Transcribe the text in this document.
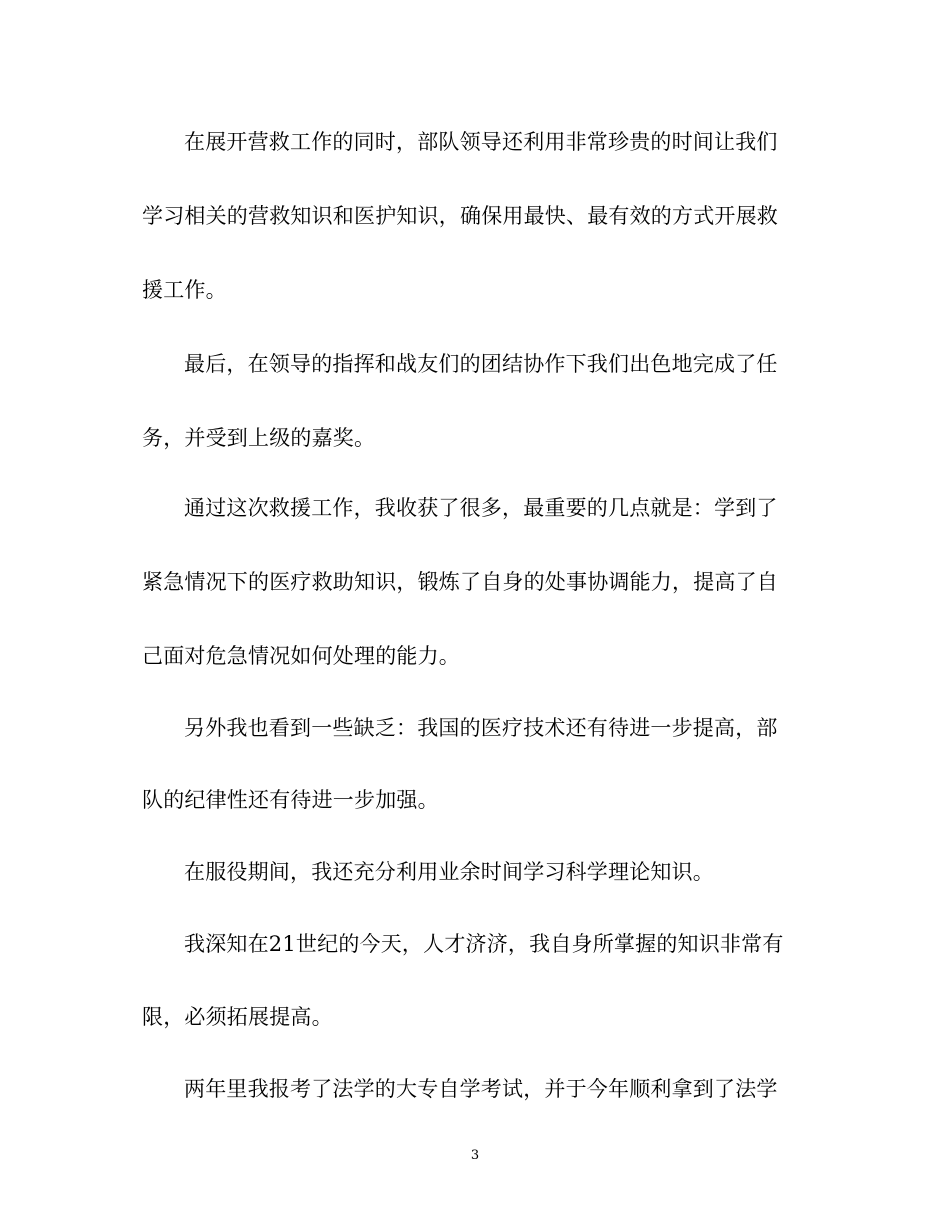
在展开营救工作的同时，部队领导还利用非常珍贵的时间让我们
学习相关的营救知识和医护知识，确保用最快、最有效的方式开展救
援工作。
最后，在领导的指挥和战友们的团结协作下我们出色地完成了任
务，并受到上级的嘉奖。
通过这次救援工作，我收获了很多，最重要的几点就是：学到了
紧急情况下的医疗救助知识，锻炼了自身的处事协调能力，提高了自
己面对危急情况如何处理的能力。
另外我也看到一些缺乏：我国的医疗技术还有待进一步提高，部
队的纪律性还有待进一步加强。
在服役期间，我还充分利用业余时间学习科学理论知识。
我深知在21世纪的今天，人才济济，我自身所掌握的知识非常有
限，必须拓展提高。
两年里我报考了法学的大专自学考试，并于今年顺利拿到了法学
3
